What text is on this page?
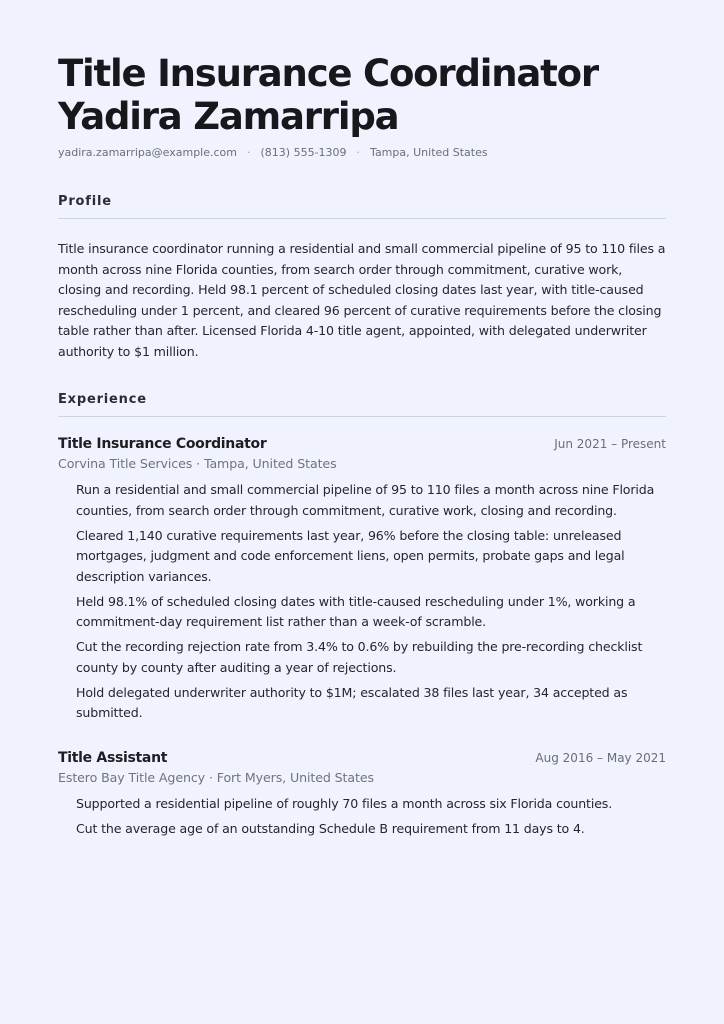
Title Insurance Coordinator
Yadira Zamarripa
yadira.zamarripa@example.com · (813) 555-1309 · Tampa, United States
Profile

Title insurance coordinator running a residential and small commercial pipeline of 95 to 110 files a month across nine Florida counties, from search order through commitment, curative work, closing and recording. Held 98.1 percent of scheduled closing dates last year, with title-caused rescheduling under 1 percent, and cleared 96 percent of curative requirements before the closing table rather than after. Licensed Florida 4-10 title agent, appointed, with delegated underwriter authority to $1 million.

Experience
Title Insurance Coordinator	Jun 2021 – Present
Corvina Title Services · Tampa, United States
Run a residential and small commercial pipeline of 95 to 110 files a month across nine Florida counties, from search order through commitment, curative work, closing and recording.
Cleared 1,140 curative requirements last year, 96% before the closing table: unreleased mortgages, judgment and code enforcement liens, open permits, probate gaps and legal description variances.
Held 98.1% of scheduled closing dates with title-caused rescheduling under 1%, working a commitment-day requirement list rather than a week-of scramble.
Cut the recording rejection rate from 3.4% to 0.6% by rebuilding the pre-recording checklist county by county after auditing a year of rejections.
Hold delegated underwriter authority to $1M; escalated 38 files last year, 34 accepted as submitted.
Title Assistant	Aug 2016 – May 2021
Estero Bay Title Agency · Fort Myers, United States
Supported a residential pipeline of roughly 70 files a month across six Florida counties.
Cut the average age of an outstanding Schedule B requirement from 11 days to 4.
